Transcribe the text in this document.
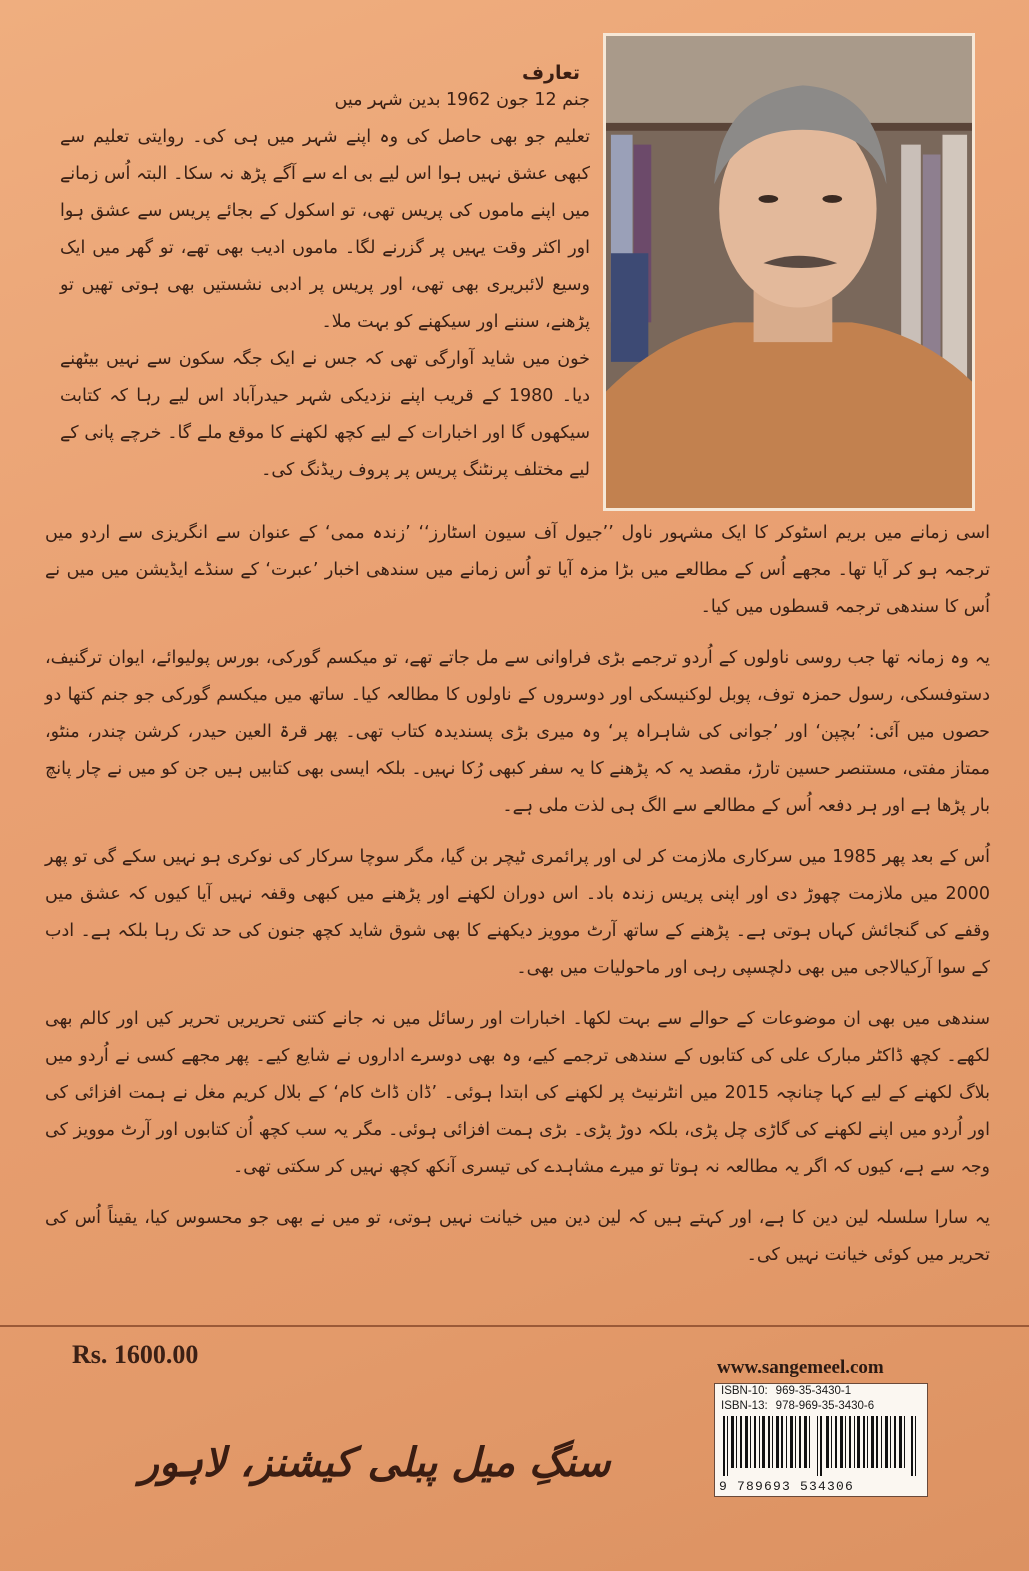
تعارف

جنم 12 جون 1962 بدین شہر میں

تعلیم جو بھی حاصل کی وہ اپنے شہر میں ہی کی۔ روایتی تعلیم سے کبھی عشق نہیں ہوا اس لیے بی اے سے آگے پڑھ نہ سکا۔ البتہ اُس زمانے میں اپنے ماموں کی پریس تھی، تو اسکول کے بجائے پریس سے عشق ہوا اور اکثر وقت یہیں پر گزرنے لگا۔ ماموں ادیب بھی تھے، تو گھر میں ایک وسیع لائبریری بھی تھی، اور پریس پر ادبی نشستیں بھی ہوتی تھیں تو پڑھنے، سننے اور سیکھنے کو بہت ملا۔

خون میں شاید آوارگی تھی کہ جس نے ایک جگہ سکون سے نہیں بیٹھنے دیا۔ 1980 کے قریب اپنے نزدیکی شہر حیدرآباد اس لیے رہا کہ کتابت سیکھوں گا اور اخبارات کے لیے کچھ لکھنے کا موقع ملے گا۔ خرچے پانی کے لیے مختلف پرنٹنگ پریس پر پروف ریڈنگ کی۔

اسی زمانے میں بریم اسٹوکر کا ایک مشہور ناول ’’جیول آف سیون اسٹارز‘‘ ’زندہ ممی‘ کے عنوان سے انگریزی سے اردو میں ترجمہ ہو کر آیا تھا۔ مجھے اُس کے مطالعے میں بڑا مزہ آیا تو اُس زمانے میں سندھی اخبار ’عبرت‘ کے سنڈے ایڈیشن میں میں نے اُس کا سندھی ترجمہ قسطوں میں کیا۔

یہ وہ زمانہ تھا جب روسی ناولوں کے اُردو ترجمے بڑی فراوانی سے مل جاتے تھے، تو میکسم گورکی، بورس پولیوائے، ایوان ترگنیف، دستوفسکی، رسول حمزہ توف، پوبل لوکنیسکی اور دوسروں کے ناولوں کا مطالعہ کیا۔ ساتھ میں میکسم گورکی جو جنم کتھا دو حصوں میں آئی: ’بچپن‘ اور ’جوانی کی شاہراہ پر‘ وہ میری بڑی پسندیدہ کتاب تھی۔ پھر قرۃ العین حیدر، کرشن چندر، منٹو، ممتاز مفتی، مستنصر حسین تارڑ، مقصد یہ کہ پڑھنے کا یہ سفر کبھی رُکا نہیں۔ بلکہ ایسی بھی کتابیں ہیں جن کو میں نے چار پانچ بار پڑھا ہے اور ہر دفعہ اُس کے مطالعے سے الگ ہی لذت ملی ہے۔

اُس کے بعد پھر 1985 میں سرکاری ملازمت کر لی اور پرائمری ٹیچر بن گیا، مگر سوچا سرکار کی نوکری ہو نہیں سکے گی تو پھر 2000 میں ملازمت چھوڑ دی اور اپنی پریس زندہ باد۔ اس دوران لکھنے اور پڑھنے میں کبھی وقفہ نہیں آیا کیوں کہ عشق میں وقفے کی گنجائش کہاں ہوتی ہے۔ پڑھنے کے ساتھ آرٹ موویز دیکھنے کا بھی شوق شاید کچھ جنون کی حد تک رہا بلکہ ہے۔ ادب کے سوا آرکیالاجی میں بھی دلچسپی رہی اور ماحولیات میں بھی۔

سندھی میں بھی ان موضوعات کے حوالے سے بہت لکھا۔ اخبارات اور رسائل میں نہ جانے کتنی تحریریں تحریر کیں اور کالم بھی لکھے۔ کچھ ڈاکٹر مبارک علی کی کتابوں کے سندھی ترجمے کیے، وہ بھی دوسرے اداروں نے شایع کیے۔ پھر مجھے کسی نے اُردو میں بلاگ لکھنے کے لیے کہا چنانچہ 2015 میں انٹرنیٹ پر لکھنے کی ابتدا ہوئی۔ ’ڈان ڈاٹ کام‘ کے بلال کریم مغل نے ہمت افزائی کی اور اُردو میں اپنے لکھنے کی گاڑی چل پڑی، بلکہ دوڑ پڑی۔ بڑی ہمت افزائی ہوئی۔ مگر یہ سب کچھ اُن کتابوں اور آرٹ موویز کی وجہ سے ہے، کیوں کہ اگر یہ مطالعہ نہ ہوتا تو میرے مشاہدے کی تیسری آنکھ کچھ نہیں کر سکتی تھی۔

یہ سارا سلسلہ لین دین کا ہے، اور کہتے ہیں کہ لین دین میں خیانت نہیں ہوتی، تو میں نے بھی جو محسوس کیا، یقیناً اُس کی تحریر میں کوئی خیانت نہیں کی۔

Rs. 1600.00	www.sangemeel.com
ISBN-10: 969-35-3430-1
ISBN-13: 978-969-35-3430-6
9 789693 534306
سنگِ میل پبلی کیشنز، لاہور
